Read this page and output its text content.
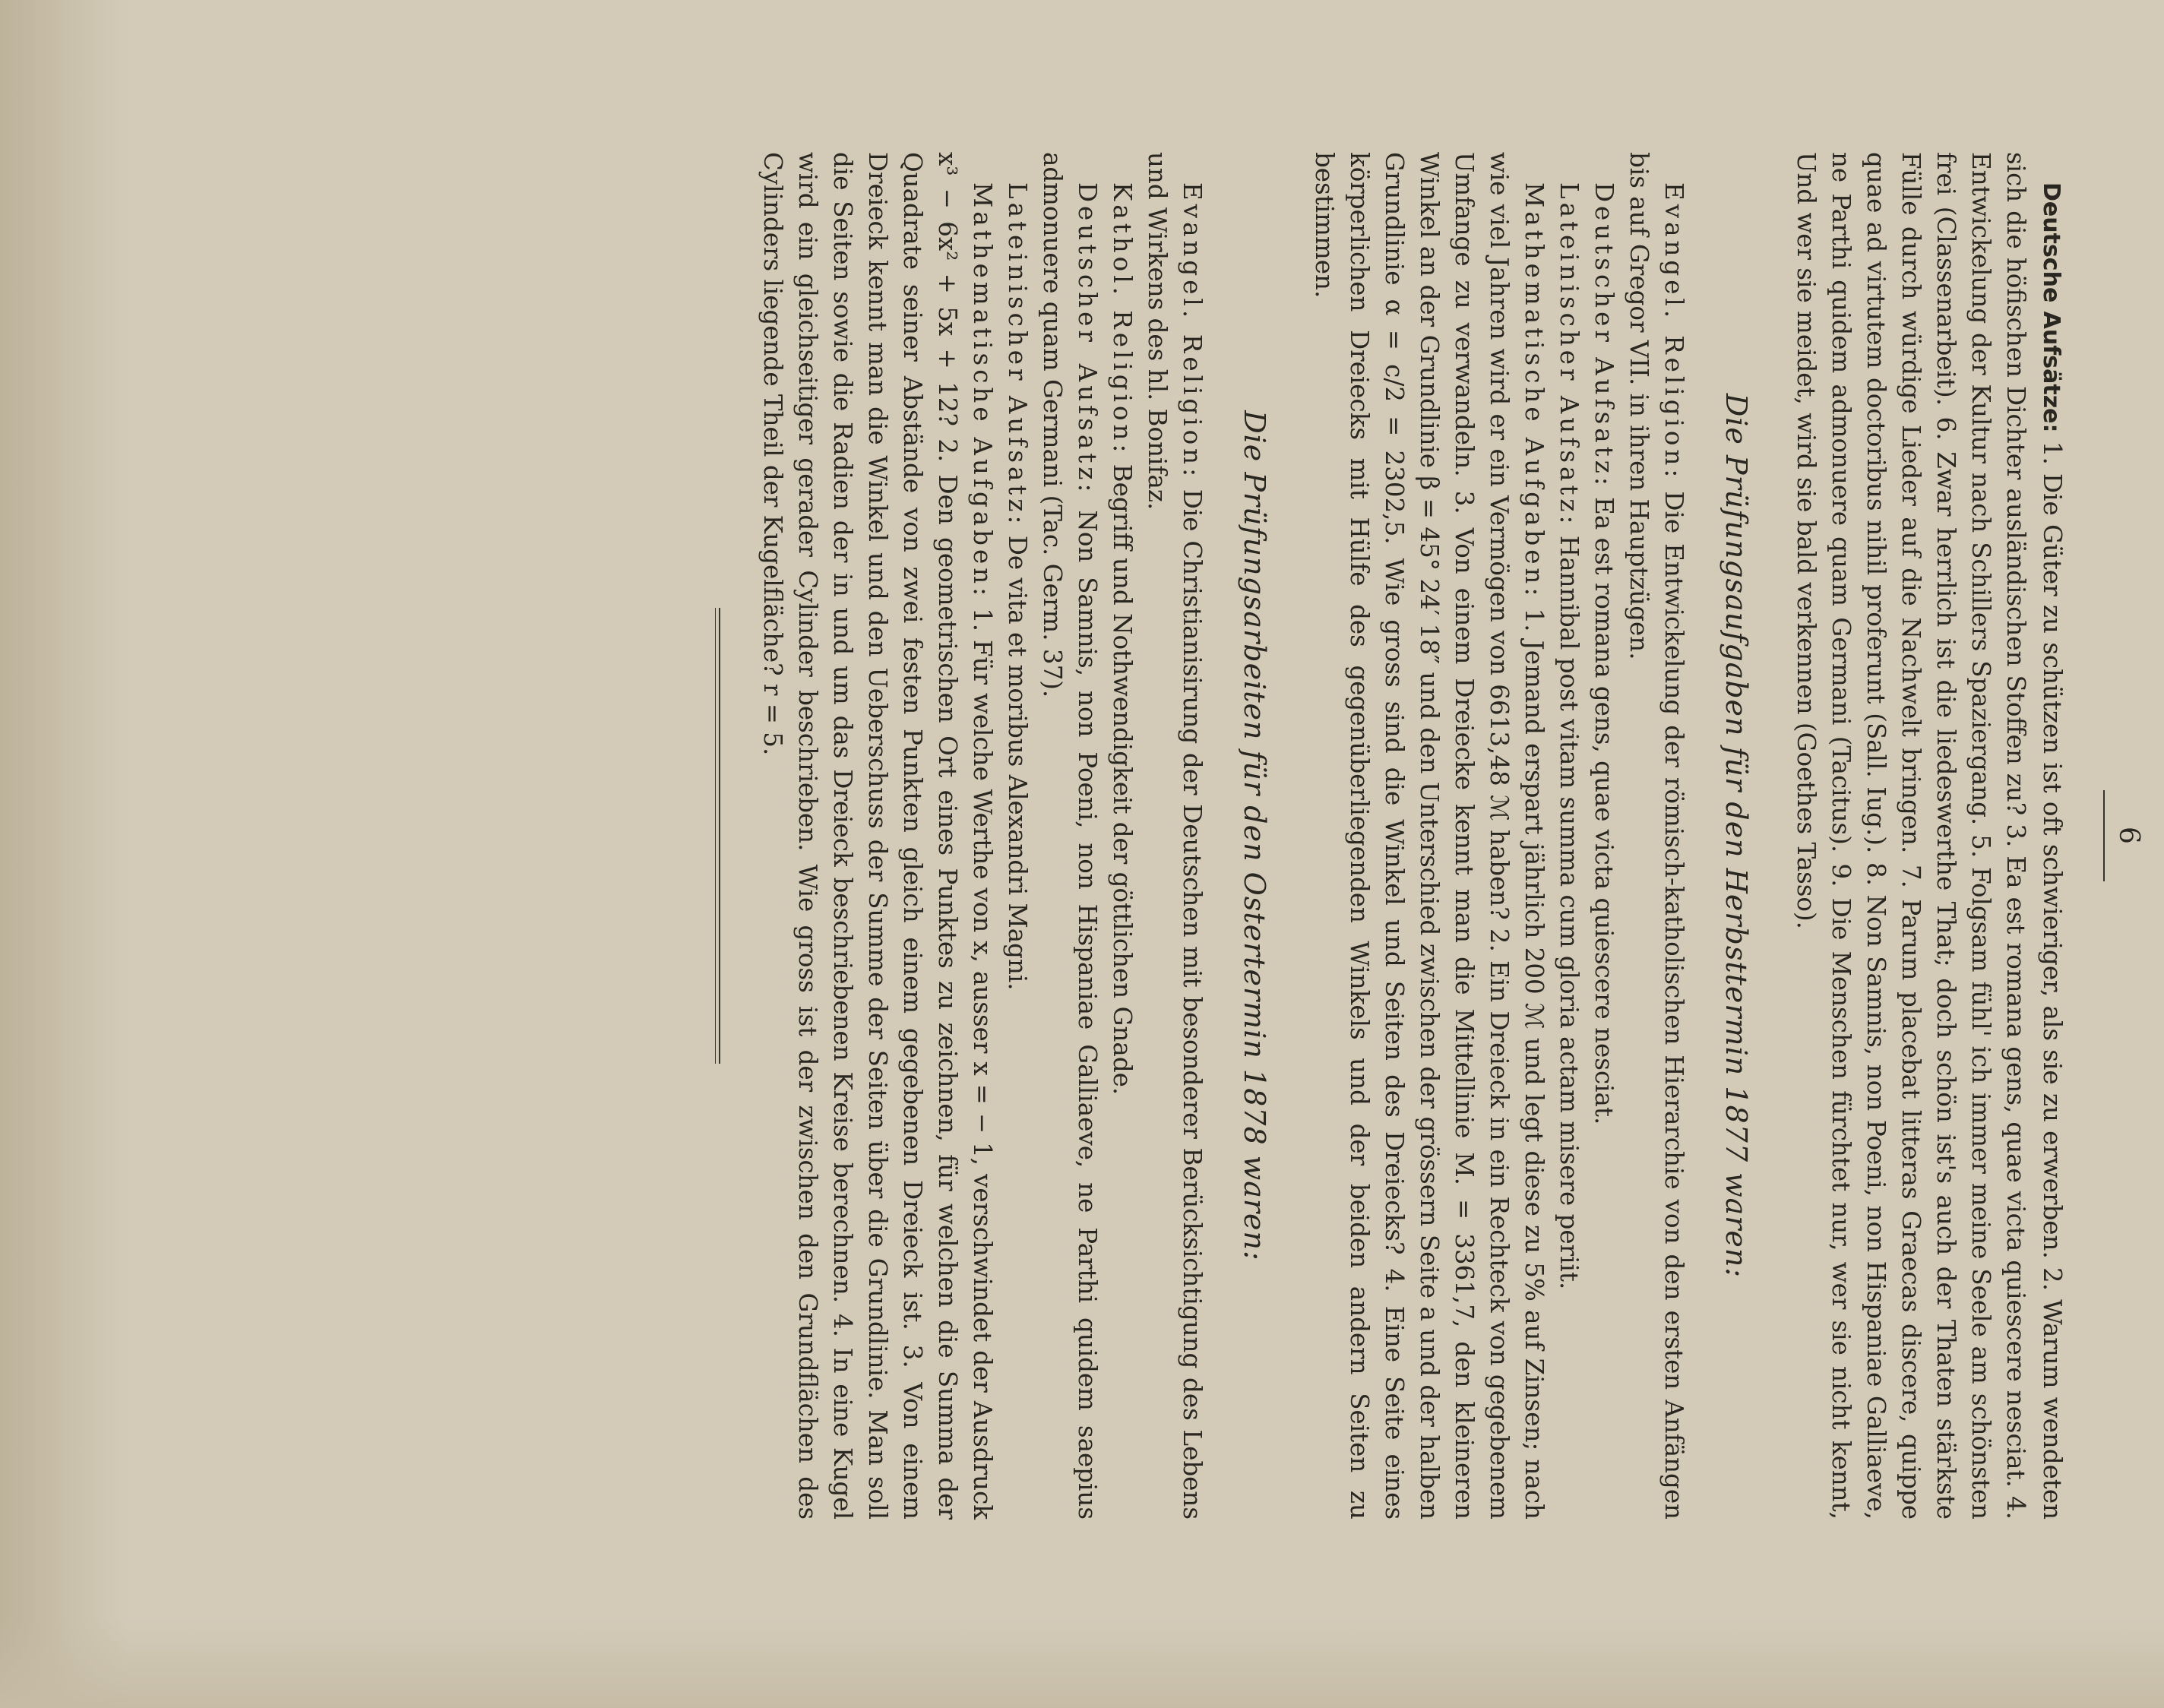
6

Deutsche Aufsätze: 1. Die Güter zu schützen ist oft schwieriger, als sie zu erwerben. 2. Warum wendeten sich die höfischen Dichter ausländischen Stoffen zu? 3. Ea est romana gens, quae victa quiescere nesciat. 4. Entwickelung der Kultur nach Schillers Spaziergang. 5. Folgsam fühl' ich immer meine Seele am schönsten frei (Classenarbeit). 6. Zwar herrlich ist die liedeswerthe That; doch schön ist's auch der Thaten stärkste Fülle durch würdige Lieder auf die Nachwelt bringen. 7. Parum placebat litteras Graecas discere, quippe quae ad virtutem doctoribus nihil proferunt (Sall. Iug.). 8. Non Samnis, non Poeni, non Hispaniae Galliaeve, ne Parthi quidem admonuere quam Germani (Tacitus). 9. Die Menschen fürchtet nur, wer sie nicht kennt, Und wer sie meidet, wird sie bald verkennen (Goethes Tasso).

Die Prüfungsaufgaben für den Herbsttermin 1877 waren:

Evangel. Religion: Die Entwickelung der römisch-katholischen Hierarchie von den ersten Anfängen bis auf Gregor VII. in ihren Hauptzügen.

Deutscher Aufsatz: Ea est romana gens, quae victa quiescere nesciat.

Lateinischer Aufsatz: Hannibal post vitam summa cum gloria actam misere periit.

Mathematische Aufgaben: 1. Jemand erspart jährlich 200 ℳ und legt diese zu 5% auf Zinsen; nach wie viel Jahren wird er ein Vermögen von 6613,48 ℳ haben? 2. Ein Dreieck in ein Rechteck von gegebenem Umfange zu verwandeln. 3. Von einem Dreiecke kennt man die Mittellinie M. = 3361,7, den kleineren Winkel an der Grundlinie β = 45° 24′ 18″ und den Unterschied zwischen der grössern Seite a und der halben Grundlinie α = c/2 = 2302,5. Wie gross sind die Winkel und Seiten des Dreiecks? 4. Eine Seite eines körperlichen Dreiecks mit Hülfe des gegenüberliegenden Winkels und der beiden andern Seiten zu bestimmen.

Die Prüfungsarbeiten für den Ostertermin 1878 waren:

Evangel. Religion: Die Christianisirung der Deutschen mit besonderer Berücksichtigung des Lebens und Wirkens des hl. Bonifaz.

Kathol. Religion: Begriff und Nothwendigkeit der göttlichen Gnade.

Deutscher Aufsatz: Non Samnis, non Poeni, non Hispaniae Galliaeve, ne Parthi quidem saepius admonuere quam Germani (Tac. Germ. 37).

Lateinischer Aufsatz: De vita et moribus Alexandri Magni.

Mathematische Aufgaben: 1. Für welche Werthe von x, ausser x = − 1, verschwindet der Ausdruck x³ − 6x² + 5x + 12? 2. Den geometrischen Ort eines Punktes zu zeichnen, für welchen die Summa der Quadrate seiner Abstände von zwei festen Punkten gleich einem gegebenen Dreieck ist. 3. Von einem Dreieck kennt man die Winkel und den Ueberschuss der Summe der Seiten über die Grundlinie. Man soll die Seiten sowie die Radien der in und um das Dreieck beschriebenen Kreise berechnen. 4. In eine Kugel wird ein gleichseitiger gerader Cylinder beschrieben. Wie gross ist der zwischen den Grundflächen des Cylinders liegende Theil der Kugelfläche? r = 5.
